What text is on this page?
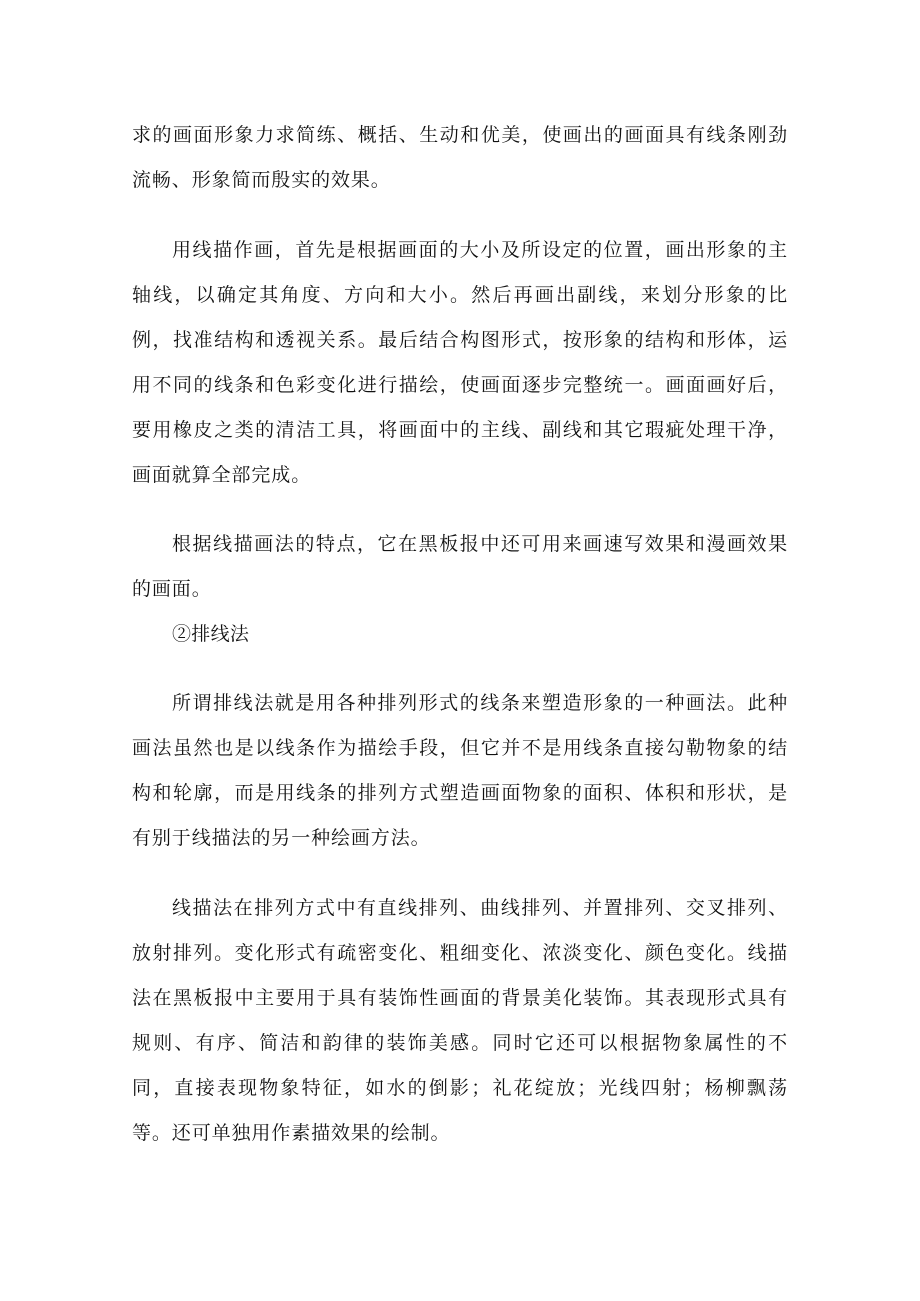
求的画面形象力求简练、概括、生动和优美，使画出的画面具有线条刚劲流畅、形象简而殷实的效果。

用线描作画，首先是根据画面的大小及所设定的位置，画出形象的主轴线，以确定其角度、方向和大小。然后再画出副线，来划分形象的比例，找准结构和透视关系。最后结合构图形式，按形象的结构和形体，运用不同的线条和色彩变化进行描绘，使画面逐步完整统一。画面画好后，要用橡皮之类的清洁工具，将画面中的主线、副线和其它瑕疵处理干净，画面就算全部完成。

根据线描画法的特点，它在黑板报中还可用来画速写效果和漫画效果的画面。

②排线法

所谓排线法就是用各种排列形式的线条来塑造形象的一种画法。此种画法虽然也是以线条作为描绘手段，但它并不是用线条直接勾勒物象的结构和轮廓，而是用线条的排列方式塑造画面物象的面积、体积和形状，是有别于线描法的另一种绘画方法。

线描法在排列方式中有直线排列、曲线排列、并置排列、交叉排列、放射排列。变化形式有疏密变化、粗细变化、浓淡变化、颜色变化。线描法在黑板报中主要用于具有装饰性画面的背景美化装饰。其表现形式具有规则、有序、简洁和韵律的装饰美感。同时它还可以根据物象属性的不同，直接表现物象特征，如水的倒影；礼花绽放；光线四射；杨柳飘荡等。还可单独用作素描效果的绘制。
